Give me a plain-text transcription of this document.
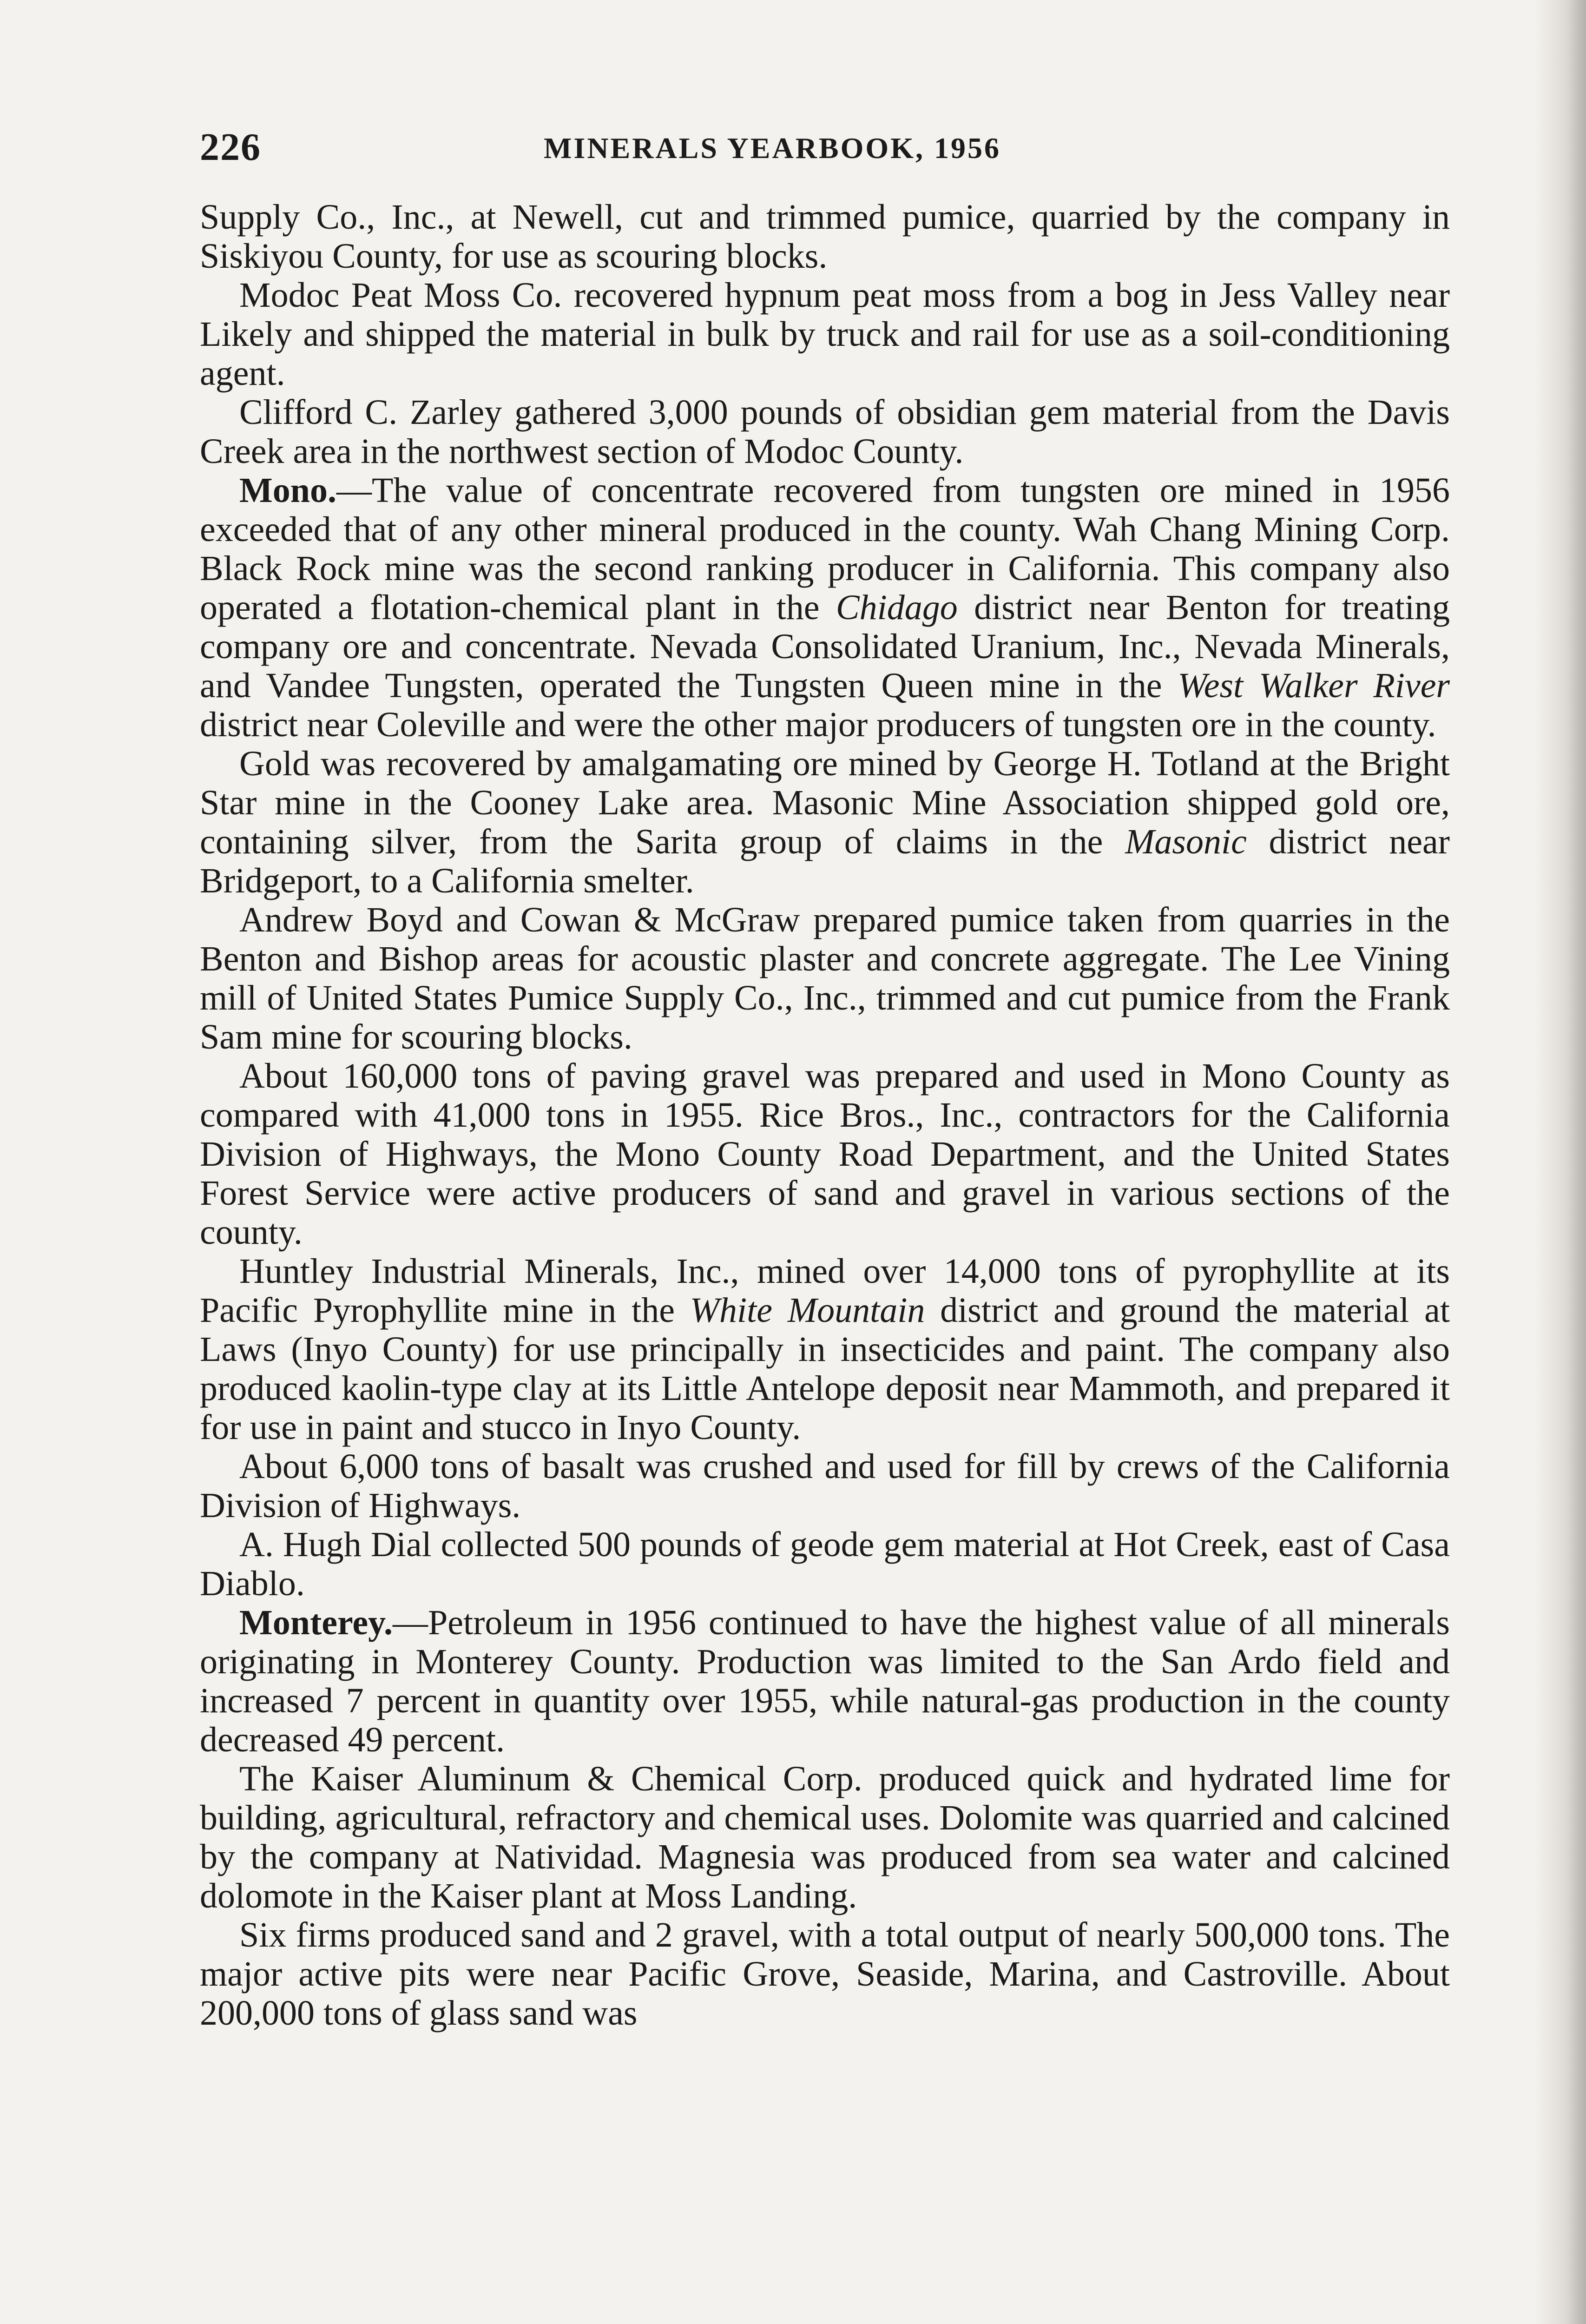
226	MINERALS YEARBOOK, 1956

Supply Co., Inc., at Newell, cut and trimmed pumice, quarried by the company in Siskiyou County, for use as scouring blocks.

Modoc Peat Moss Co. recovered hypnum peat moss from a bog in Jess Valley near Likely and shipped the material in bulk by truck and rail for use as a soil-conditioning agent.

Clifford C. Zarley gathered 3,000 pounds of obsidian gem material from the Davis Creek area in the northwest section of Modoc County.

Mono.—The value of concentrate recovered from tungsten ore mined in 1956 exceeded that of any other mineral produced in the county. Wah Chang Mining Corp. Black Rock mine was the second ranking producer in California. This company also operated a flotation-chemical plant in the Chidago district near Benton for treating company ore and concentrate. Nevada Consolidated Uranium, Inc., Nevada Minerals, and Vandee Tungsten, operated the Tungsten Queen mine in the West Walker River district near Coleville and were the other major producers of tungsten ore in the county.

Gold was recovered by amalgamating ore mined by George H. Totland at the Bright Star mine in the Cooney Lake area. Masonic Mine Association shipped gold ore, containing silver, from the Sarita group of claims in the Masonic district near Bridgeport, to a California smelter.

Andrew Boyd and Cowan & McGraw prepared pumice taken from quarries in the Benton and Bishop areas for acoustic plaster and concrete aggregate. The Lee Vining mill of United States Pumice Supply Co., Inc., trimmed and cut pumice from the Frank Sam mine for scouring blocks.

About 160,000 tons of paving gravel was prepared and used in Mono County as compared with 41,000 tons in 1955. Rice Bros., Inc., contractors for the California Division of Highways, the Mono County Road Department, and the United States Forest Service were active producers of sand and gravel in various sections of the county.

Huntley Industrial Minerals, Inc., mined over 14,000 tons of pyrophyllite at its Pacific Pyrophyllite mine in the White Mountain district and ground the material at Laws (Inyo County) for use principally in insecticides and paint. The company also produced kaolin-type clay at its Little Antelope deposit near Mammoth, and prepared it for use in paint and stucco in Inyo County.

About 6,000 tons of basalt was crushed and used for fill by crews of the California Division of Highways.

A. Hugh Dial collected 500 pounds of geode gem material at Hot Creek, east of Casa Diablo.

Monterey.—Petroleum in 1956 continued to have the highest value of all minerals originating in Monterey County. Production was limited to the San Ardo field and increased 7 percent in quantity over 1955, while natural-gas production in the county decreased 49 percent.

The Kaiser Aluminum & Chemical Corp. produced quick and hydrated lime for building, agricultural, refractory and chemical uses. Dolomite was quarried and calcined by the company at Natividad. Magnesia was produced from sea water and calcined dolomote in the Kaiser plant at Moss Landing.

Six firms produced sand and 2 gravel, with a total output of nearly 500,000 tons. The major active pits were near Pacific Grove, Seaside, Marina, and Castroville. About 200,000 tons of glass sand was
